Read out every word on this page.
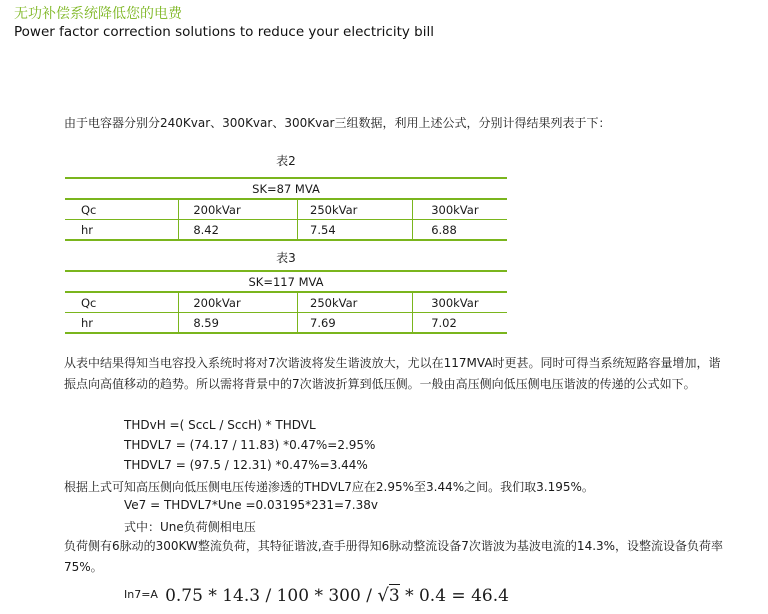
无功补偿系统降低您的电费
Power factor correction solutions to reduce your electricity bill
由于电容器分别分240Kvar、300Kvar、300Kvar三组数据，利用上述公式，分别计得结果列表于下：
表2
SK=87 MVA			
Qc	200kVar	250kVar	300kVar
hr	8.42	7.54	6.88
表3
SK=117 MVA			
Qc	200kVar	250kVar	300kVar
hr	8.59	7.69	7.02
从表中结果得知当电容投入系统时将对7次谐波将发生谐波放大，尤以在117MVA时更甚。同时可得当系统短路容量增加，谐振点向高值移动的趋势。所以需将背景中的7次谐波折算到低压侧。一般由高压侧向低压侧电压谐波的传递的公式如下。
THDvH =( SccL / SccH) * THDVL
THDVL7 = (74.17 / 11.83) *0.47%=2.95%
THDVL7 = (97.5 / 12.31) *0.47%=3.44%
根据上式可知高压侧向低压侧电压传递渗透的THDVL7应在2.95%至3.44%之间。我们取3.195%。
Ve7 = THDVL7*Une =0.03195*231=7.38v
式中：Une负荷侧相电压
负荷侧有6脉动的300KW整流负荷，其特征谐波,查手册得知6脉动整流设备7次谐波为基波电流的14.3%，设整流设备负荷率75%。
In7=A 0.75 * 14.3 / 100 * 300 / √3 * 0.4 = 46.4
